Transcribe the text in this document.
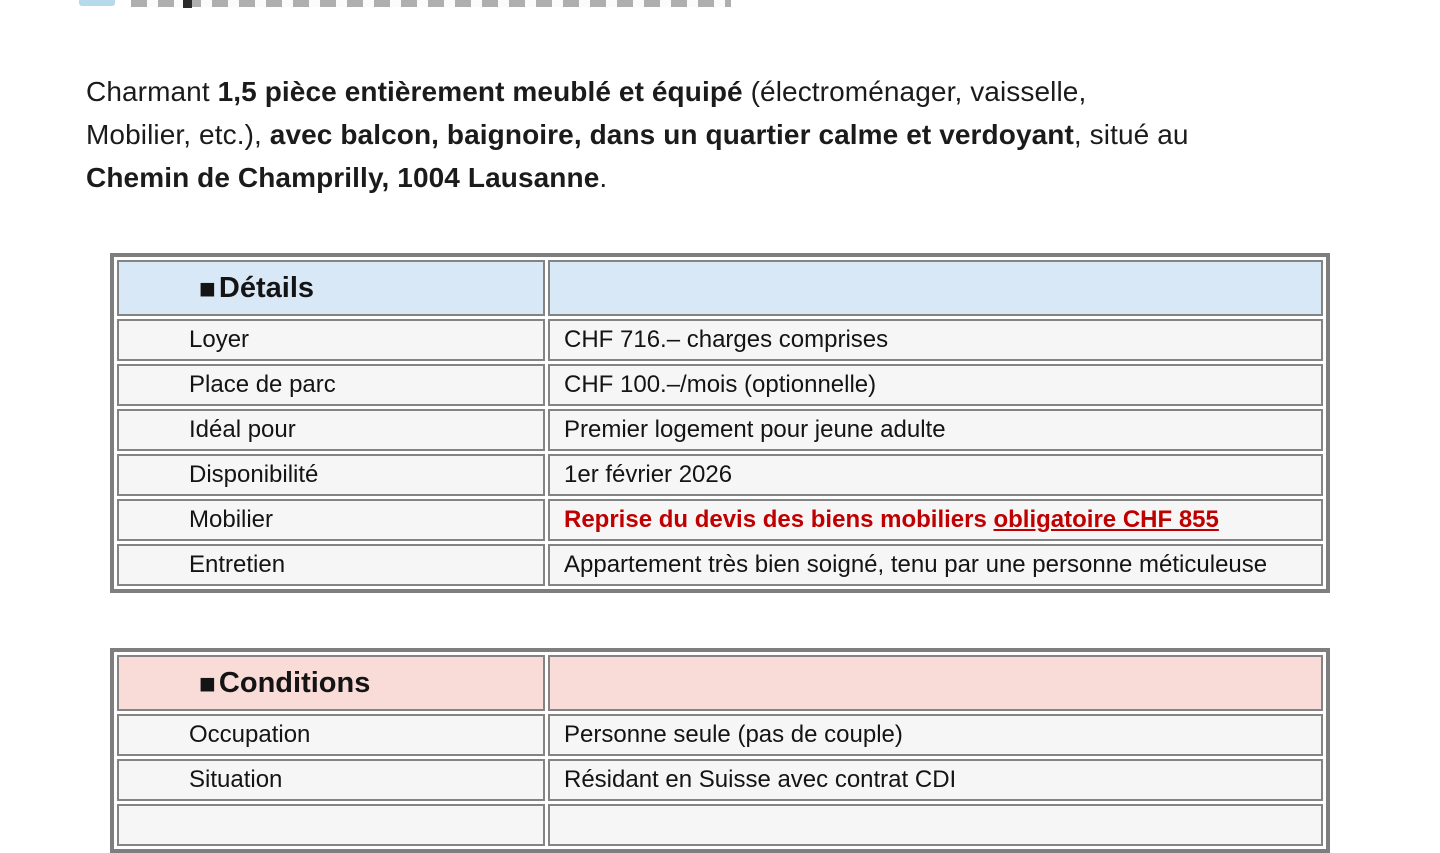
Charmant 1,5 pièce entièrement meublé et équipé (électroménager, vaisselle,
Mobilier, etc.), avec balcon, baignoire, dans un quartier calme et verdoyant, situé au
Chemin de Champrilly, 1004 Lausanne.

■ Détails	
Loyer	CHF 716.– charges comprises
Place de parc	CHF 100.–/mois (optionnelle)
Idéal pour	Premier logement pour jeune adulte
Disponibilité	1er février 2026
Mobilier	Reprise du devis des biens mobiliers obligatoire CHF 855
Entretien	Appartement très bien soigné, tenu par une personne méticuleuse
■ Conditions	
Occupation	Personne seule (pas de couple)
Situation	Résidant en Suisse avec contrat CDI
